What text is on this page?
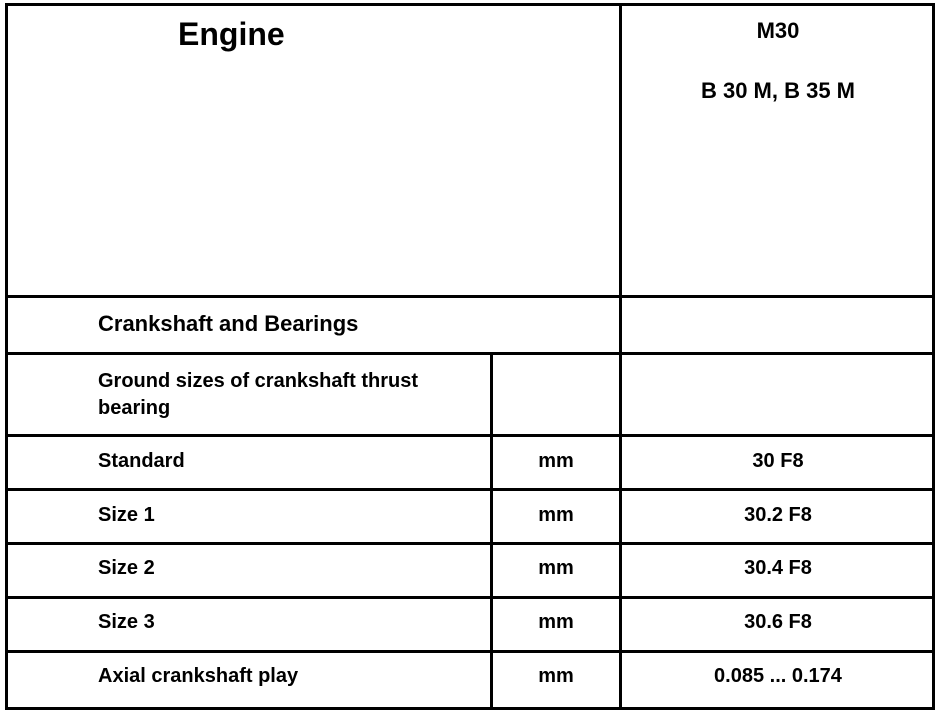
Engine	M30
B 30 M, B 35 M
Crankshaft and Bearings
Ground sizes of crankshaft thrust bearing
Standard	mm	30 F8
Size 1	mm	30.2 F8
Size 2	mm	30.4 F8
Size 3	mm	30.6 F8
Axial crankshaft play	mm	0.085 ... 0.174
